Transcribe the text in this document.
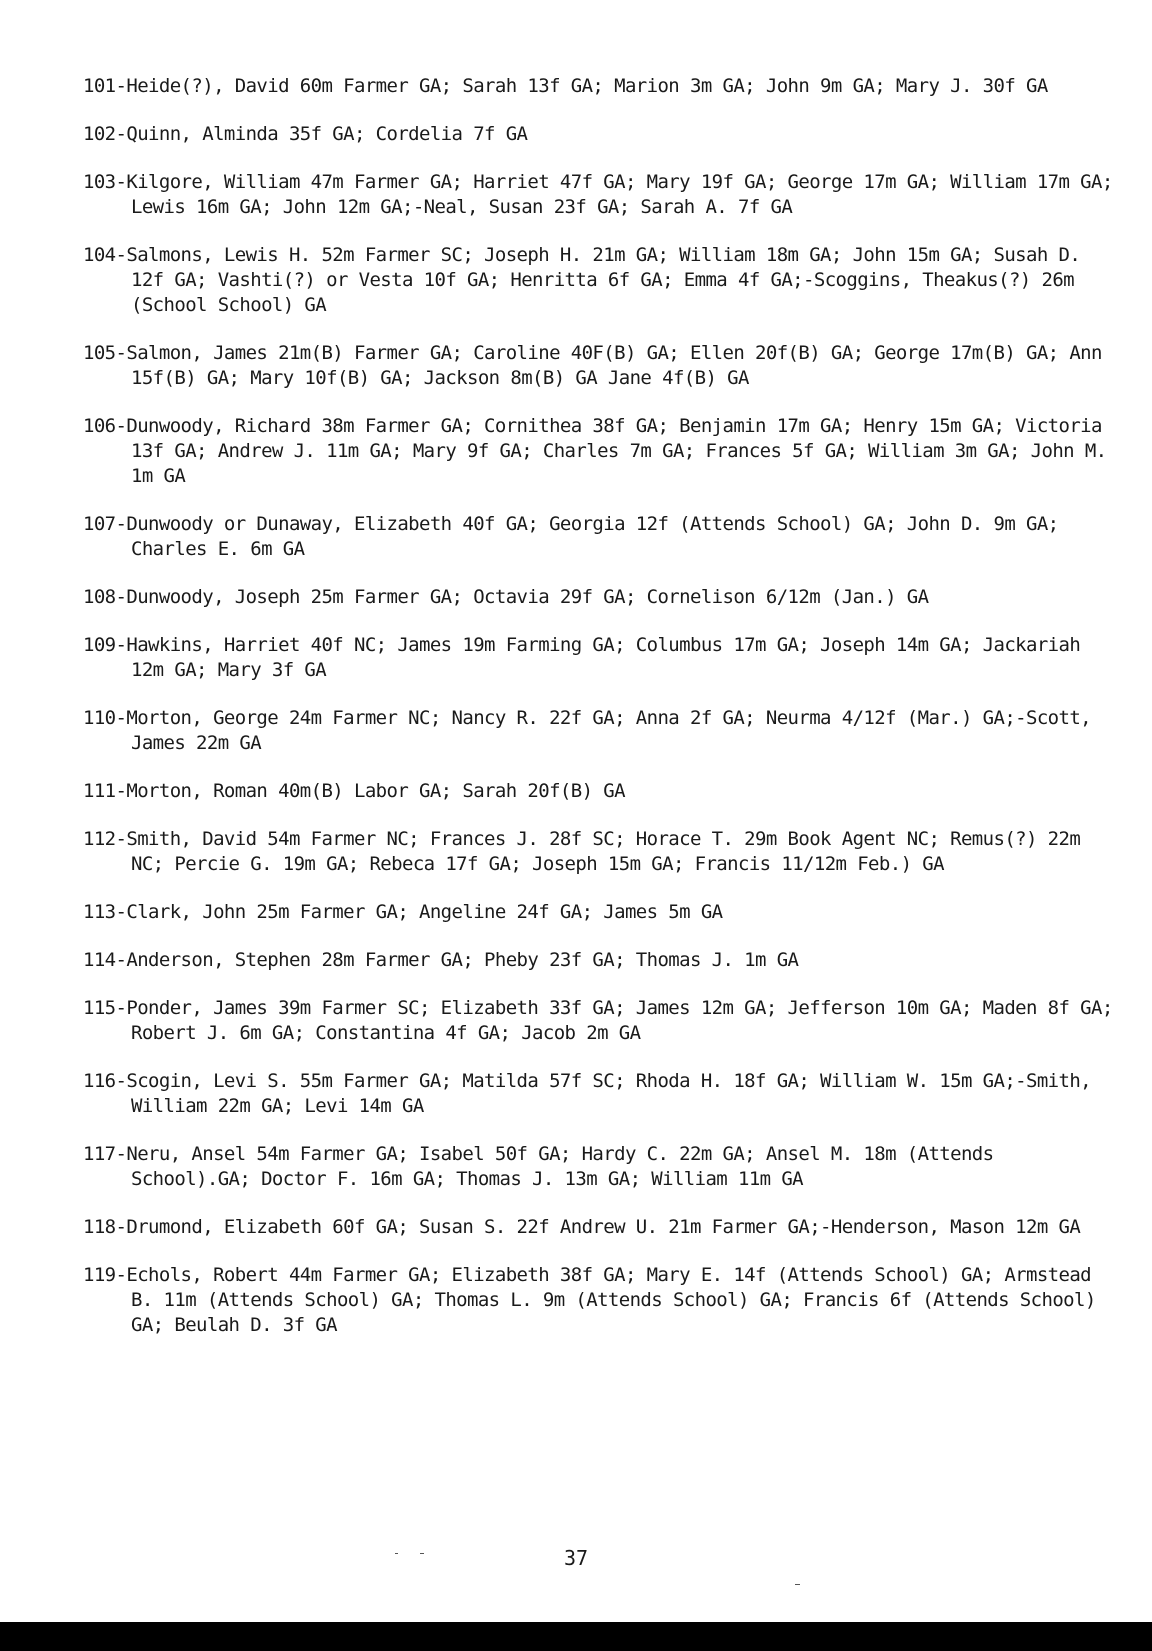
101-Heide(?), David 60m Farmer GA; Sarah 13f GA; Marion 3m GA; John 9m GA; Mary J. 30f GA
102-Quinn, Alminda 35f GA; Cordelia 7f GA
103-Kilgore, William 47m Farmer GA; Harriet 47f GA; Mary 19f GA; George 17m GA; William 17m GA; Lewis 16m GA; John 12m GA;-Neal, Susan 23f GA; Sarah A. 7f GA
104-Salmons, Lewis H. 52m Farmer SC; Joseph H. 21m GA; William 18m GA; John 15m GA; Susah D. 12f GA; Vashti(?) or Vesta 10f GA; Henritta 6f GA; Emma 4f GA;-Scoggins, Theakus(?) 26m (School School) GA
105-Salmon, James 21m(B) Farmer GA; Caroline 40F(B) GA; Ellen 20f(B) GA; George 17m(B) GA; Ann 15f(B) GA; Mary 10f(B) GA; Jackson 8m(B) GA Jane 4f(B) GA
106-Dunwoody, Richard 38m Farmer GA; Cornithea 38f GA; Benjamin 17m GA; Henry 15m GA; Victoria 13f GA; Andrew J. 11m GA; Mary 9f GA; Charles 7m GA; Frances 5f GA; William 3m GA; John M. 1m GA
107-Dunwoody or Dunaway, Elizabeth 40f GA; Georgia 12f (Attends School) GA; John D. 9m GA; Charles E. 6m GA
108-Dunwoody, Joseph 25m Farmer GA; Octavia 29f GA; Cornelison 6/12m (Jan.) GA
109-Hawkins, Harriet 40f NC; James 19m Farming GA; Columbus 17m GA; Joseph 14m GA; Jackariah 12m GA; Mary 3f GA
110-Morton, George 24m Farmer NC; Nancy R. 22f GA; Anna 2f GA; Neurma 4/12f (Mar.) GA;-Scott, James 22m GA
111-Morton, Roman 40m(B) Labor GA; Sarah 20f(B) GA
112-Smith, David 54m Farmer NC; Frances J. 28f SC; Horace T. 29m Book Agent NC; Remus(?) 22m NC; Percie G. 19m GA; Rebeca 17f GA; Joseph 15m GA; Francis 11/12m Feb.) GA
113-Clark, John 25m Farmer GA; Angeline 24f GA; James 5m GA
114-Anderson, Stephen 28m Farmer GA; Pheby 23f GA; Thomas J. 1m GA
115-Ponder, James 39m Farmer SC; Elizabeth 33f GA; James 12m GA; Jefferson 10m GA; Maden 8f GA; Robert J. 6m GA; Constantina 4f GA; Jacob 2m GA
116-Scogin, Levi S. 55m Farmer GA; Matilda 57f SC; Rhoda H. 18f GA; William W. 15m GA;-Smith, William 22m GA; Levi 14m GA
117-Neru, Ansel 54m Farmer GA; Isabel 50f GA; Hardy C. 22m GA; Ansel M. 18m (Attends School).GA; Doctor F. 16m GA; Thomas J. 13m GA; William 11m GA
118-Drumond, Elizabeth 60f GA; Susan S. 22f Andrew U. 21m Farmer GA;-Henderson, Mason 12m GA
119-Echols, Robert 44m Farmer GA; Elizabeth 38f GA; Mary E. 14f (Attends School) GA; Armstead B. 11m (Attends School) GA; Thomas L. 9m (Attends School) GA; Francis 6f (Attends School) GA; Beulah D. 3f GA
37
